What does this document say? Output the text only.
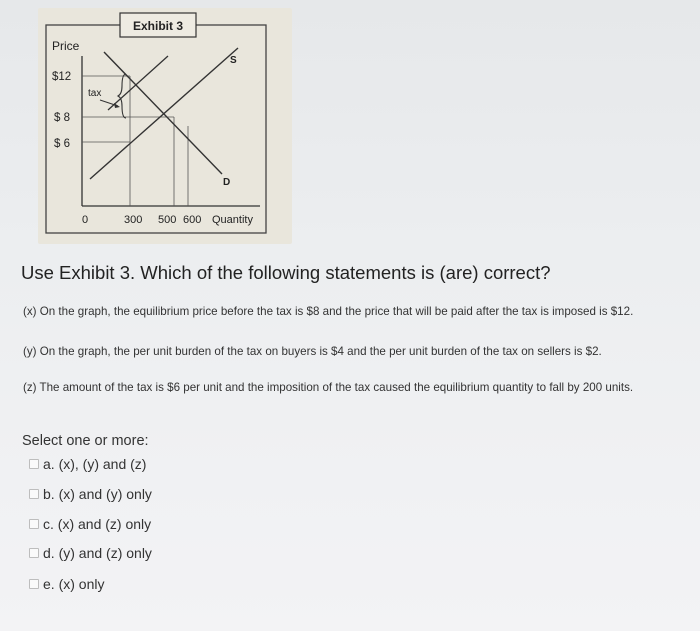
Exhibit 3
Price
$12
$ 8
$ 6
0	300 500 600 Quantity
S
D
tax
Use Exhibit 3. Which of the following statements is (are) correct?
(x) On the graph, the equilibrium price before the tax is $8 and the price that will be paid after the tax is imposed is $12.
(y) On the graph, the per unit burden of the tax on buyers is $4 and the per unit burden of the tax on sellers is $2.
(z) The amount of the tax is $6 per unit and the imposition of the tax caused the equilibrium quantity to fall by 200 units.
Select one or more:
a. (x), (y) and (z)
b. (x) and (y) only
c. (x) and (z) only
d. (y) and (z) only
e. (x) only
